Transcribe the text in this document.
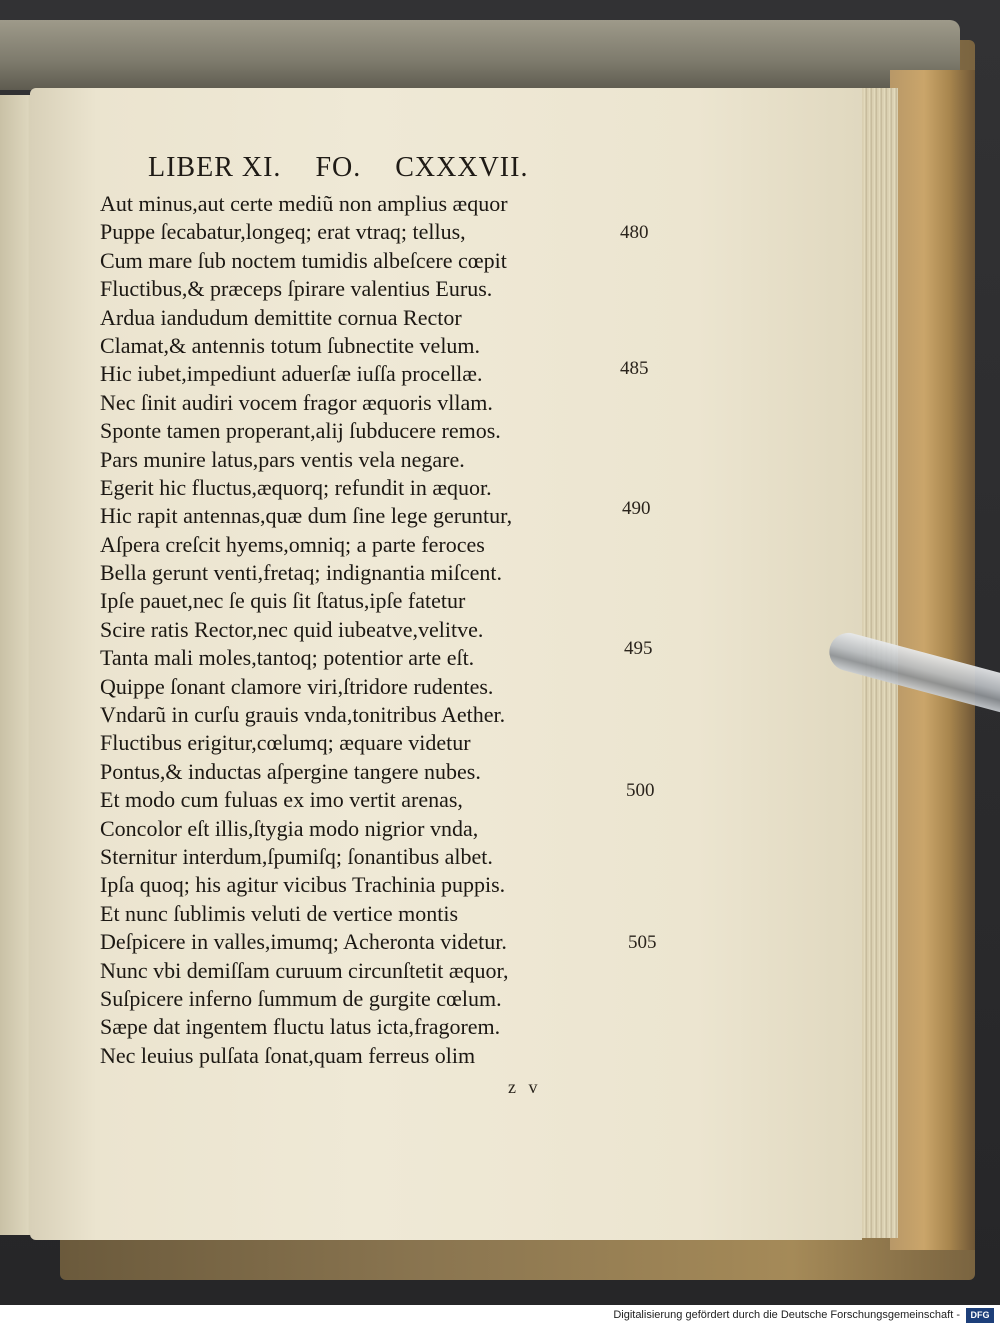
LIBER XI. FO. CXXXVII.
Aut minus,aut certe mediũ non amplius æquor
Puppe ſecabatur,longeq; erat vtraq; tellus,
Cum mare ſub noctem tumidis albeſcere cœpit
Fluctibus,& præceps ſpirare valentius Eurus.
Ardua iandudum demittite cornua Rector
Clamat,& antennis totum ſubnectite velum.
Hic iubet,impediunt aduerſæ iuſſa procellæ.
Nec ſinit audiri vocem fragor æquoris vllam.
Sponte tamen properant,alij ſubducere remos.
Pars munire latus,pars ventis vela negare.
Egerit hic fluctus,æquorq; refundit in æquor.
Hic rapit antennas,quæ dum ſine lege geruntur,
Aſpera creſcit hyems,omniq; a parte feroces
Bella gerunt venti,fretaq; indignantia miſcent.
Ipſe pauet,nec ſe quis ſit ſtatus,ipſe fatetur
Scire ratis Rector,nec quid iubeatve,velitve.
Tanta mali moles,tantoq; potentior arte eſt.
Quippe ſonant clamore viri,ſtridore rudentes.
Vndarũ in curſu grauis vnda,tonitribus Aether.
Fluctibus erigitur,cœlumq; æquare videtur
Pontus,& inductas aſpergine tangere nubes.
Et modo cum fuluas ex imo vertit arenas,
Concolor eſt illis,ſtygia modo nigrior vnda,
Sternitur interdum,ſpumiſq; ſonantibus albet.
Ipſa quoq; his agitur vicibus Trachinia puppis.
Et nunc ſublimis veluti de vertice montis
Deſpicere in valles,imumq; Acheronta videtur.
Nunc vbi demiſſam curuum circunſtetit æquor,
Suſpicere inferno ſummum de gurgite cœlum.
Sæpe dat ingentem fluctu latus icta,fragorem.
Nec leuius pulſata ſonat,quam ferreus olim
480
485
490
495
500
505
z v
Digitalisierung gefördert durch die Deutsche Forschungsgemeinschaft -	DFG
